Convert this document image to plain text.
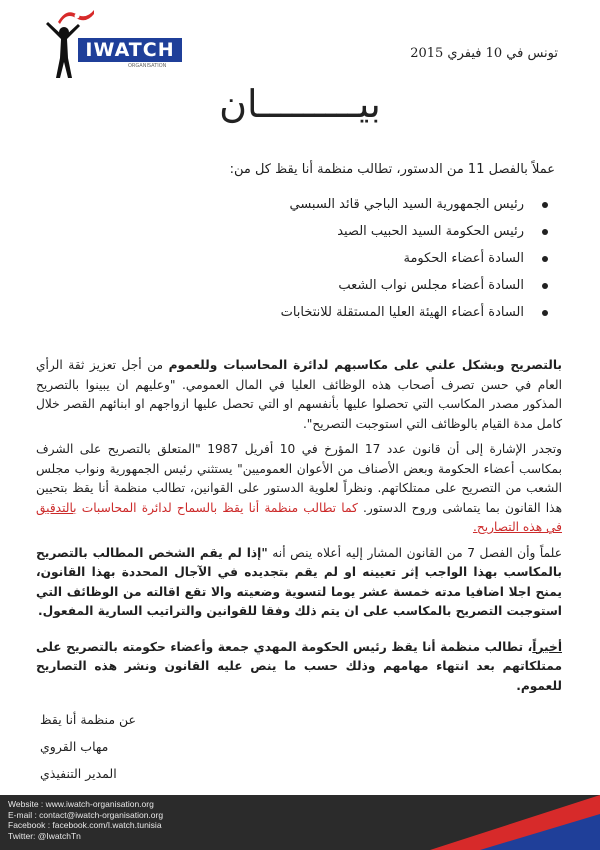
IWATCH
ORGANISATION
تونس في 10 فيفري 2015
بيـــــــــان
عملاً بالفصل 11 من الدستور، تطالب منظمة أنا يقظ كل من:
رئيس الجمهورية السيد الباجي قائد السبسي
رئيس الحكومة السيد الحبيب الصيد
السادة أعضاء الحكومة
السادة أعضاء مجلس نواب الشعب
السادة أعضاء الهيئة العليا المستقلة للانتخابات

بالتصريح وبشكل علني على مكاسبهم لدائرة المحاسبات وللعموم من أجل تعزيز ثقة الرأي العام في حسن تصرف أصحاب هذه الوظائف العليا في المال العمومي. "وعليهم ان يبينوا بالتصريح المذكور مصدر المكاسب التي تحصلوا عليها بأنفسهم او التي تحصل عليها ازواجهم او ابنائهم القصر خلال كامل مدة القيام بالوظائف التي استوجبت التصريح".

وتجدر الإشارة إلى أن قانون عدد 17 المؤرخ في 10 أفريل 1987 "المتعلق بالتصريح على الشرف بمكاسب أعضاء الحكومة وبعض الأصناف من الأعوان العموميين" يستثني رئيس الجمهورية ونواب مجلس الشعب من التصريح على ممتلكاتهم. ونظراً لعلوية الدستور على القوانين، تطالب منظمة أنا يقظ بتحيين هذا القانون بما يتماشى وروح الدستور. كما تطالب منظمة أنا يقظ بالسماح لدائرة المحاسبات بالتدقيق في هذه التصاريح.

علماً وأن الفصل 7 من القانون المشار إليه أعلاه ينص أنه "إذا لم يقم الشخص المطالب بالتصريح بالمكاسب بهذا الواجب إثر تعيينه او لم يقم بتجديده في الآجال المحددة بهذا القانون، يمنح اجلا اضافيا مدته خمسة عشر يوما لتسوية وضعيته والا تقع اقالته من الوظائف التي استوجبت التصريح بالمكاسب على ان يتم ذلك وفقا للقوانين والتراتيب السارية المفعول.

أخيراً، تطالب منظمة أنا يقظ رئيس الحكومة المهدي جمعة وأعضاء حكومته بالتصريح على ممتلكاتهم بعد انتهاء مهامهم وذلك حسب ما ينص عليه القانون ونشر هذه التصاريح للعموم.

عن منظمة أنا يقظ
مهاب القروي
المدير التنفيذي
Website : www.iwatch-organisation.org
E-mail : contact@iwatch-organisation.org
Facebook : facebook.com/I.watch.tunisia
Twitter: @IwatchTn
